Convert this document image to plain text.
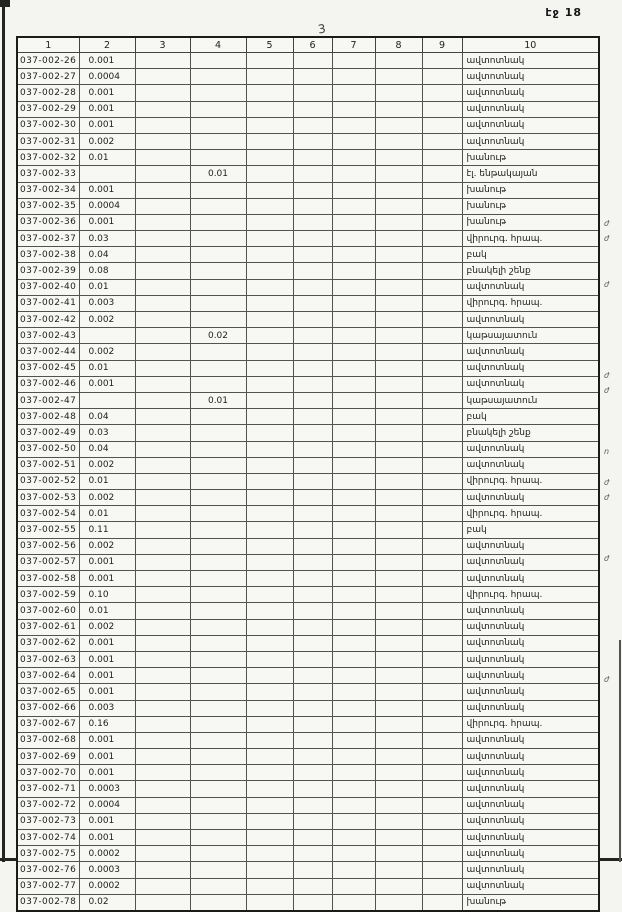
էջ 18
3
1	2	3	4	5	6	7	8	9	10
037-002-26	0.001								ավտոտնակ
037-002-27	0.0004								ավտոտնակ
037-002-28	0.001								ավտոտնակ
037-002-29	0.001								ավտոտնակ
037-002-30	0.001								ավտոտնակ
037-002-31	0.002								ավտոտնակ
037-002-32	0.01								խանութ
037-002-33			0.01						էլ. ենթակայան
037-002-34	0.001								խանութ
037-002-35	0.0004								խանութ
037-002-36	0.001								խանութ
037-002-37	0.03								վիրուրգ. հրապ.
037-002-38	0.04								բակ
037-002-39	0.08								բնակելի շենք
037-002-40	0.01								ավտոտնակ
037-002-41	0.003								վիրուրգ. հրապ.
037-002-42	0.002								ավտոտնակ
037-002-43			0.02						կաթսայատուն
037-002-44	0.002								ավտոտնակ
037-002-45	0.01								ավտոտնակ
037-002-46	0.001								ավտոտնակ
037-002-47			0.01						կաթսայատուն
037-002-48	0.04								բակ
037-002-49	0.03								բնակելի շենք
037-002-50	0.04								ավտոտնակ
037-002-51	0.002								ավտոտնակ
037-002-52	0.01								վիրուրգ. հրապ.
037-002-53	0.002								ավտոտնակ
037-002-54	0.01								վիրուրգ. հրապ.
037-002-55	0.11								բակ
037-002-56	0.002								ավտոտնակ
037-002-57	0.001								ավտոտնակ
037-002-58	0.001								ավտոտնակ
037-002-59	0.10								վիրուրգ. հրապ.
037-002-60	0.01								ավտոտնակ
037-002-61	0.002								ավտոտնակ
037-002-62	0.001								ավտոտնակ
037-002-63	0.001								ավտոտնակ
037-002-64	0.001								ավտոտնակ
037-002-65	0.001								ավտոտնակ
037-002-66	0.003								ավտոտնակ
037-002-67	0.16								վիրուրգ. հրապ.
037-002-68	0.001								ավտոտնակ
037-002-69	0.001								ավտոտնակ
037-002-70	0.001								ավտոտնակ
037-002-71	0.0003								ավտոտնակ
037-002-72	0.0004								ավտոտնակ
037-002-73	0.001								ավտոտնակ
037-002-74	0.001								ավտոտնակ
037-002-75	0.0002								ավտոտնակ
037-002-76	0.0003								ավտոտնակ
037-002-77	0.0002								ավտոտնակ
037-002-78	0.02								խանութ
ժ
ժ
ժ
ժ
ժ
ո
ժ
ժ
ժ
ժ
